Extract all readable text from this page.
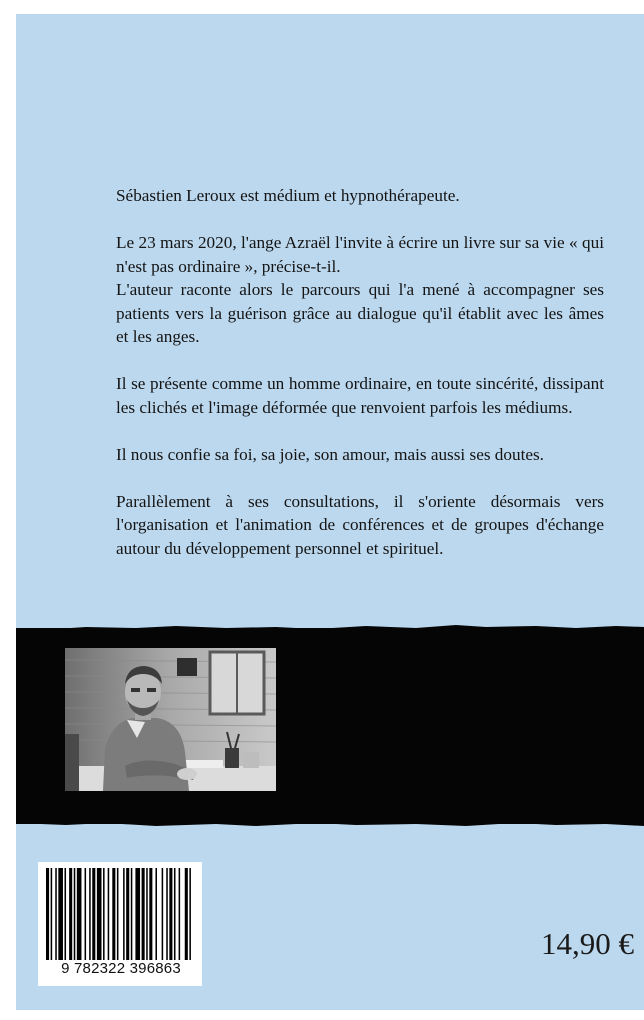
Sébastien Leroux est médium et hypnothérapeute.

Le 23 mars 2020, l'ange Azraël l'invite à écrire un livre sur sa vie « qui n'est pas ordinaire », précise-t-il.

L'auteur raconte alors le parcours qui l'a mené à accompagner ses patients vers la guérison grâce au dialogue qu'il établit avec les âmes et les anges.

Il se présente comme un homme ordinaire, en toute sincérité, dissipant les clichés et l'image déformée que renvoient parfois les médiums.

Il nous confie sa foi, sa joie, son amour, mais aussi ses doutes.

Parallèlement à ses consultations, il s'oriente désormais vers l'organisation et l'animation de conférences et de groupes d'échange autour du développement personnel et spirituel.

9 782322 396863
14,90 €
